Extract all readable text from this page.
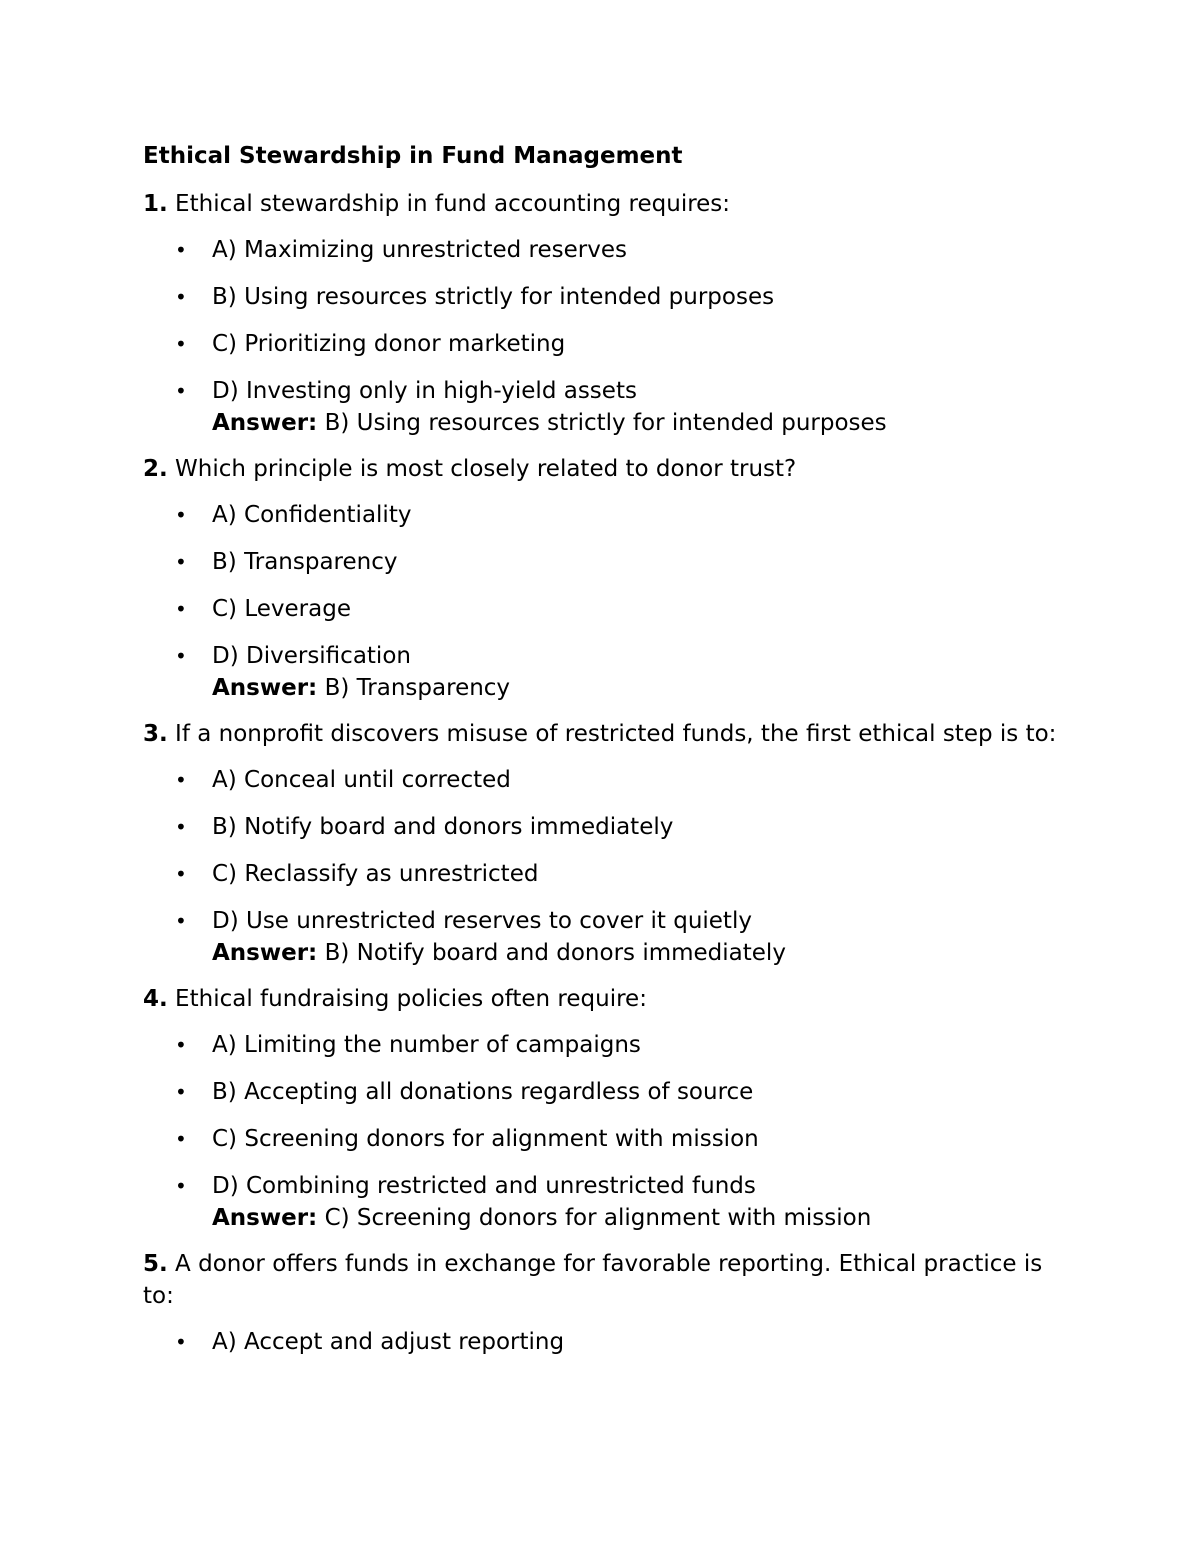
Ethical Stewardship in Fund Management
1. Ethical stewardship in fund accounting requires:
• A) Maximizing unrestricted reserves
• B) Using resources strictly for intended purposes
• C) Prioritizing donor marketing
• D) Investing only in high-yield assets
Answer: B) Using resources strictly for intended purposes
2. Which principle is most closely related to donor trust?
• A) Confidentiality
• B) Transparency
• C) Leverage
• D) Diversification
Answer: B) Transparency
3. If a nonprofit discovers misuse of restricted funds, the first ethical step is to:
• A) Conceal until corrected
• B) Notify board and donors immediately
• C) Reclassify as unrestricted
• D) Use unrestricted reserves to cover it quietly
Answer: B) Notify board and donors immediately
4. Ethical fundraising policies often require:
• A) Limiting the number of campaigns
• B) Accepting all donations regardless of source
• C) Screening donors for alignment with mission
• D) Combining restricted and unrestricted funds
Answer: C) Screening donors for alignment with mission
5. A donor offers funds in exchange for favorable reporting. Ethical practice is to:
• A) Accept and adjust reporting
